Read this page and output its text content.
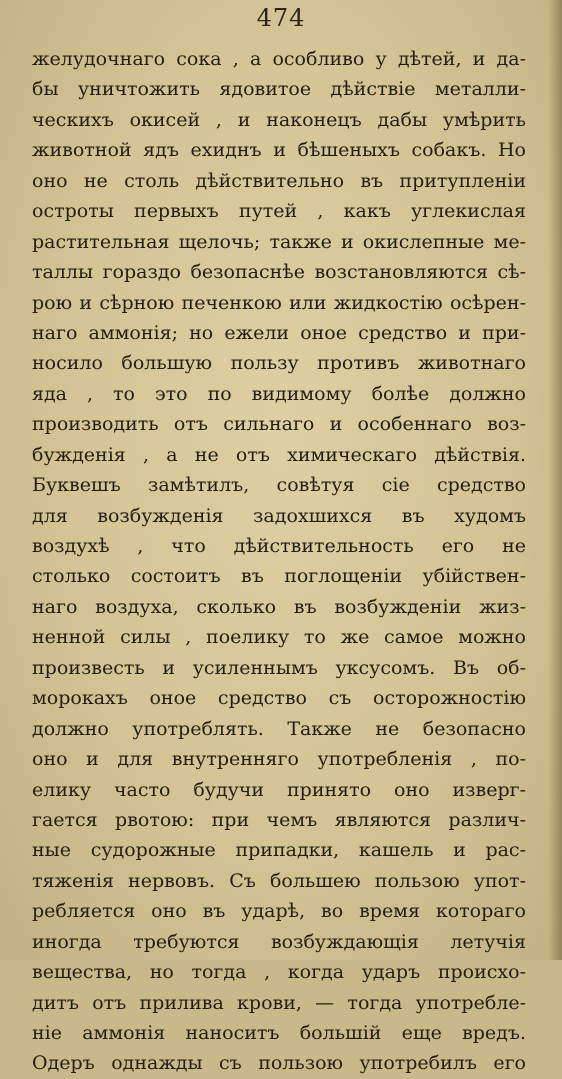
474
желудочнаго сока , а особливо у дѣтей, и да-
бы уничтожить ядовитое дѣйствіе металли-
ческихъ окисей , и наконецъ дабы умѣрить
животной ядъ ехиднъ и бѣшеныхъ собакъ. Но
оно не столь дѣйствительно въ притупленіи
остроты первыхъ путей , какъ углекислая
растительная щелочь; также и окислепные ме-
таллы гораздо безопаснѣе возстановляются сѣ-
рою и сѣрною печенкою или жидкостію осѣрен-
наго аммонія; но ежели оное средство и при-
носило большую пользу противъ животнаго
яда , то это по видимому болѣе должно
производить отъ сильнаго и особеннаго воз-
бужденія , а не отъ химическаго дѣйствія.
Буквешъ замѣтилъ, совѣтуя сіе средство
для возбужденія задохшихся въ худомъ
воздухѣ , что дѣйствительность его не
столько состоитъ въ поглощеніи убійствен-
наго воздуха, сколько въ возбужденіи жиз-
ненной силы , поелику то же самое можно
произвесть и усиленнымъ уксусомъ. Въ об-
морокахъ оное средство съ осторожностію
должно употреблять. Также не безопасно
оно и для внутренняго употребленія , по-
елику часто будучи принято оно изверг-
гается рвотою: при чемъ являются различ-
ные судорожные припадки, кашель и рас-
тяженія нервовъ. Съ большею пользою упот-
ребляется оно въ ударѣ, во время котораго
иногда требуются возбуждающія летучія
вещества, но тогда , когда ударъ происхо-
дитъ отъ прилива крови, — тогда употребле-
ніе аммонія наноситъ большій еще вредъ.
Одеръ однажды съ пользою употребилъ его
